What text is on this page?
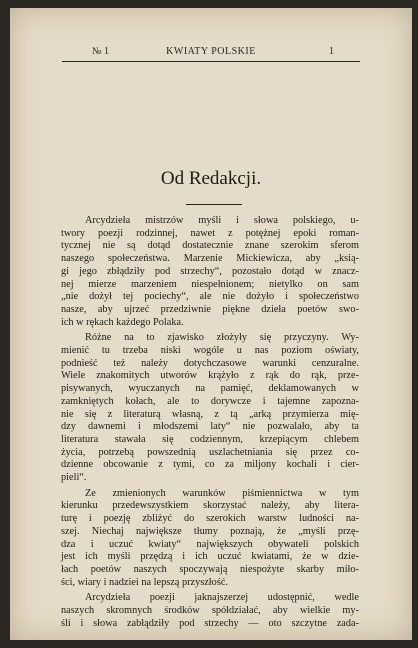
№ 1	KWIATY POLSKIE	1
Od Redakcji.
Arcydzieła mistrzów myśli i słowa polskiego, u-
twory poezji rodzinnej, nawet z potężnej epoki roman-
tycznej nie są dotąd dostatecznie znane szerokim sferom
naszego społeczeństwa. Marzenie Mickiewicza, aby „ksią-
gi jego zbłądziły pod strzechy“, pozostało dotąd w znacz-
nej mierze marzeniem niespełnionem; nietylko on sam
„nie dożył tej pociechy“, ale nie dożyło i społeczeństwo
nasze, aby ujrzeć przedziwnie piękne dzieła poetów swo-
ich w rękach każdego Polaka.
Różne na to zjawisko złożyły się przyczyny. Wy-
mienić tu trzeba niski wogóle u nas poziom oświaty,
podnieść też należy dotychczasowe warunki cenzuralne.
Wiele znakomitych utworów krążyło z rąk do rąk, prze-
pisywanych, wyuczanych na pamięć, deklamowanych w
zamkniętych kołach, ale to dorywcze i tajemne zapozna-
nie się z literaturą własną, z tą „arką przymierza mię-
dzy dawnemi i młodszemi laty“ nie pozwalało, aby ta
literatura stawała się codziennym, krzepiącym chlebem
życia, potrzebą powszednią uszlachetniania się przez co-
dzienne obcowanie z tymi, co za miljony kochali i cier-
pieli“.
Ze zmienionych warunków piśmiennictwa w tym
kierunku przedewszystkiem skorzystać należy, aby litera-
turę i poezję zbliżyć do szerokich warstw ludności na-
szej. Niechaj największe tłumy poznają, że „myśli przę-
dza i uczuć kwiaty“ największych obywateli polskich
jest ich myśli przędzą i ich uczuć kwiatami, że w dzie-
łach poetów naszych spoczywają niespożyte skarby miło-
ści, wiary i nadziei na lepszą przyszłość.
Arcydzieła poezji jaknajszerzej udostępnić, wedle
naszych skromnych środków spółdziałać, aby wielkie my-
śli i słowa zabłądziły pod strzechy — oto szczytne zada-
